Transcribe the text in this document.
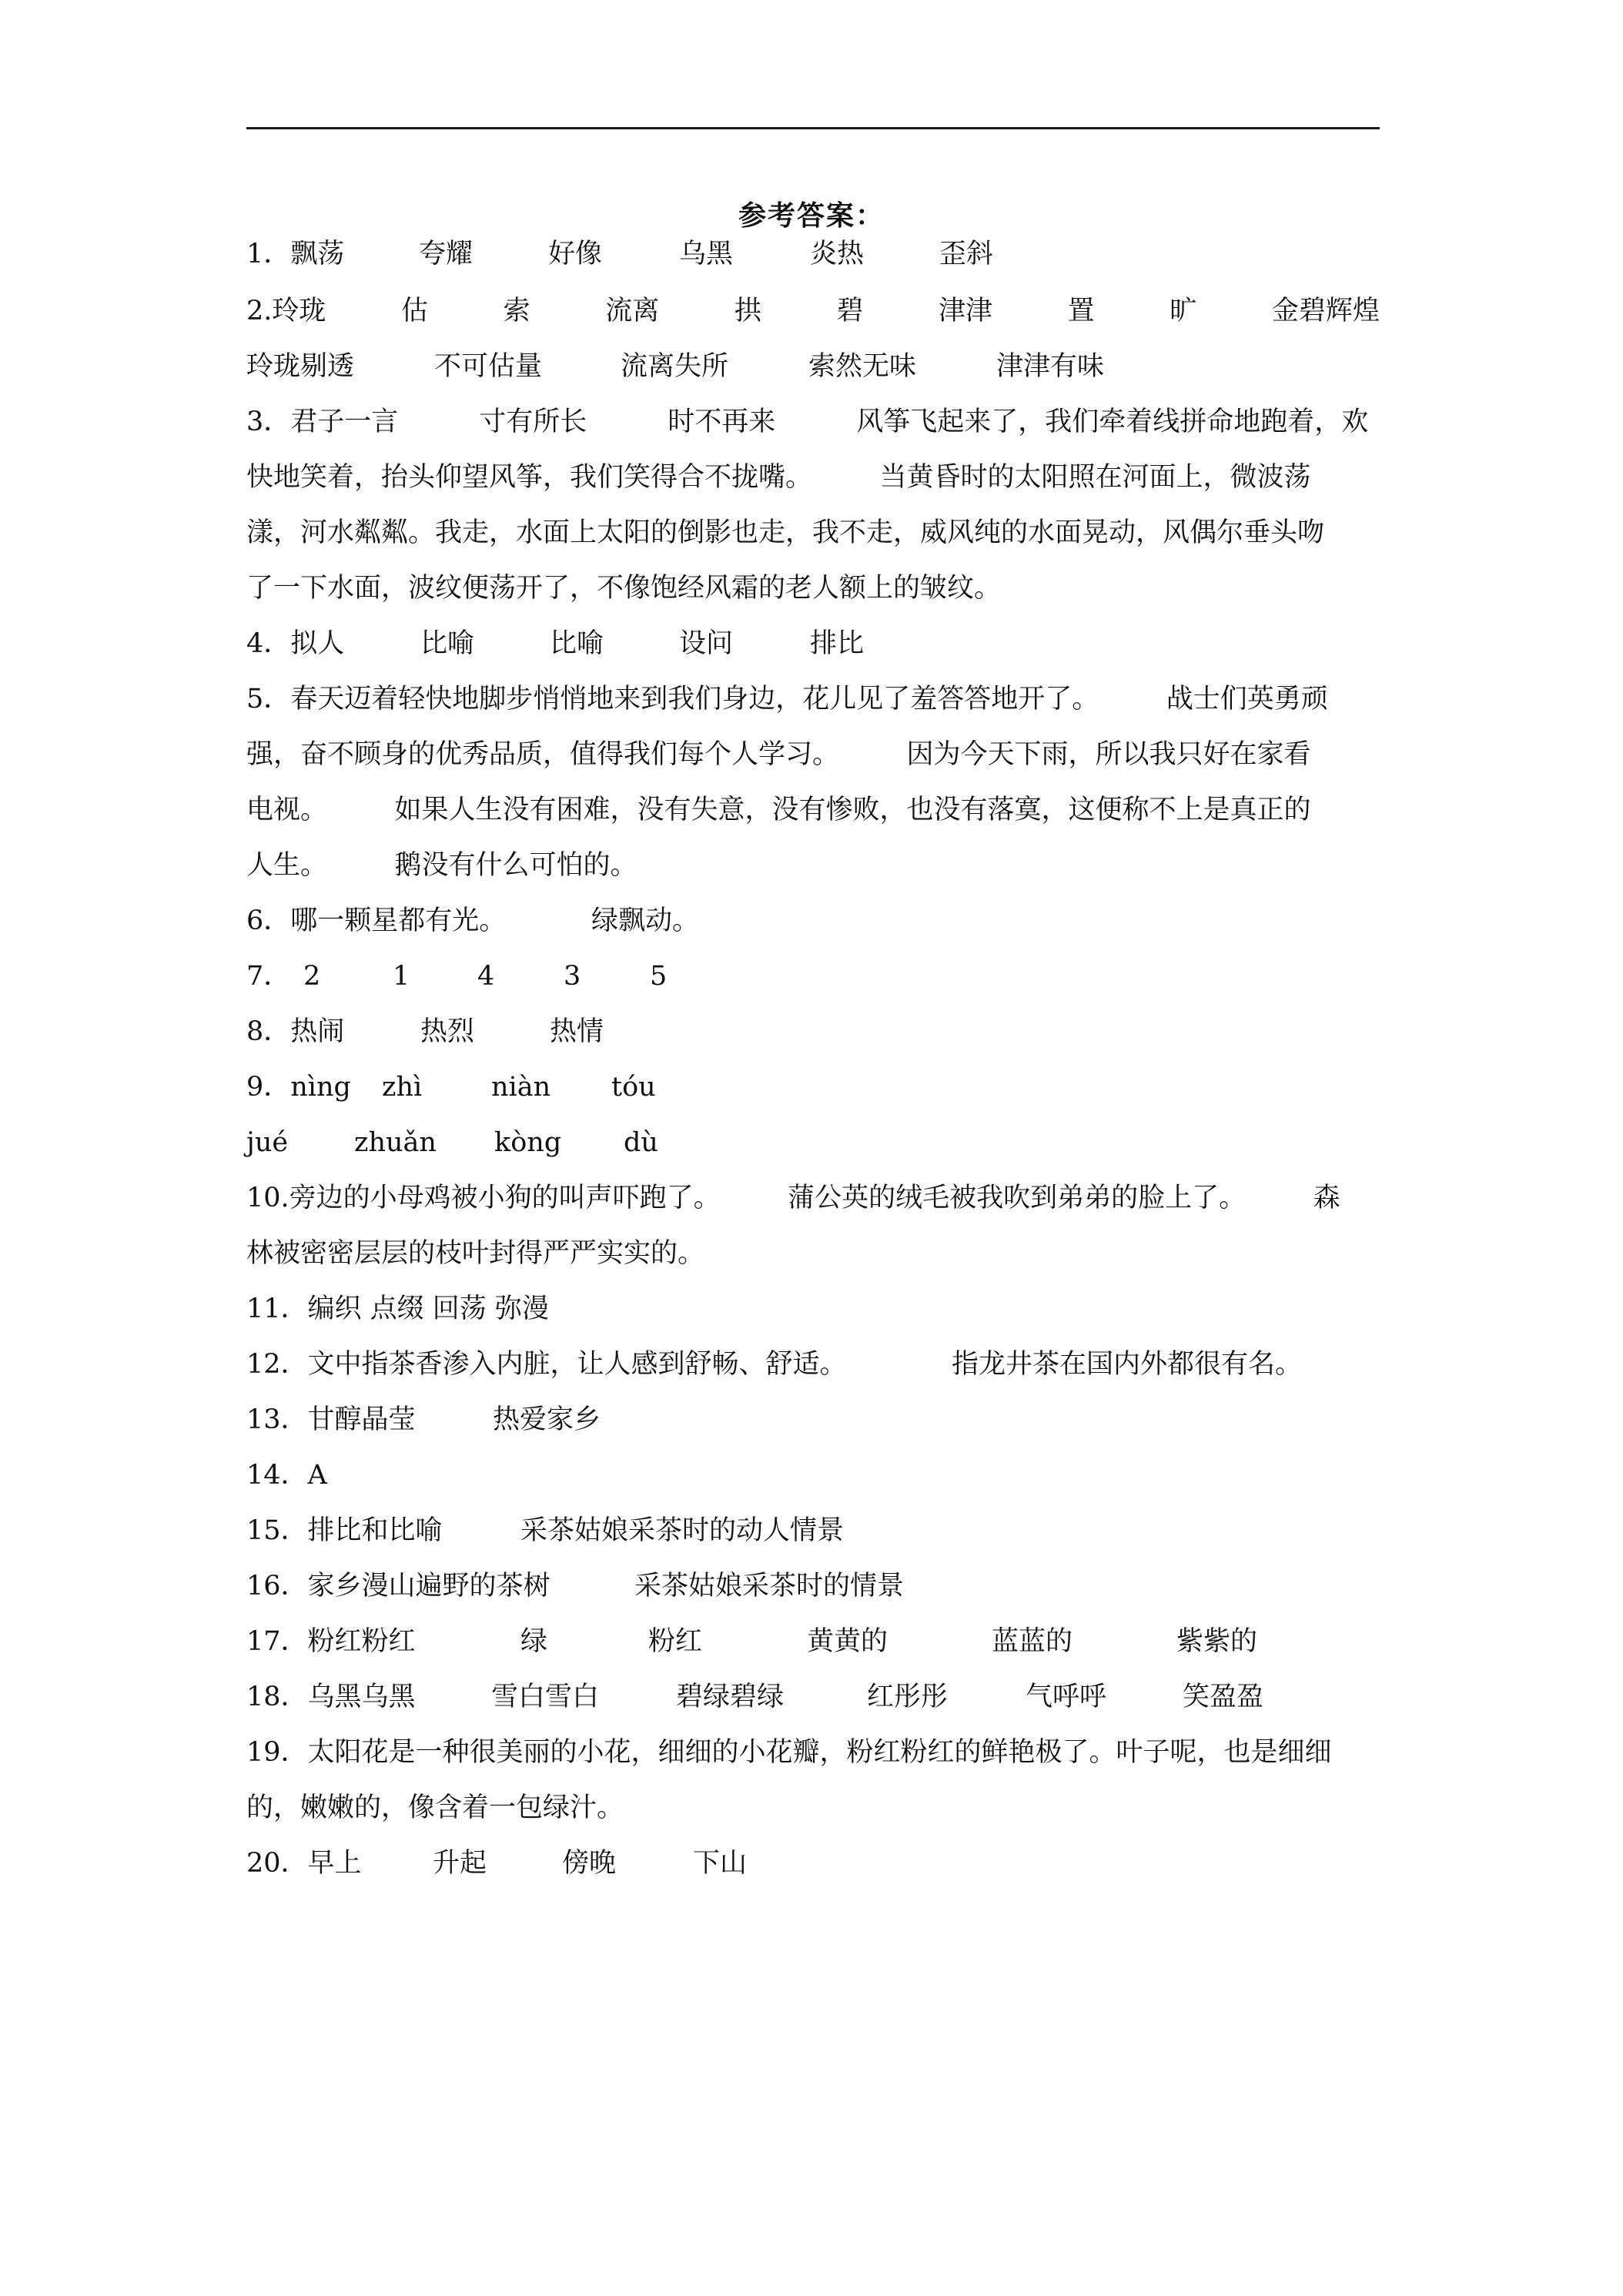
参考答案：
1．飘荡	夸耀	好像	乌黑	炎热	歪斜
2.玲珑	估	索	流离	拱	碧	津津	置	旷	金碧辉煌
玲珑剔透	不可估量	流离失所	索然无味	津津有味
3．君子一言　　　寸有所长　　　时不再来　　　风筝飞起来了，我们牵着线拼命地跑着，欢
快地笑着，抬头仰望风筝，我们笑得合不拢嘴。　　　当黄昏时的太阳照在河面上，微波荡
漾，河水粼粼。我走，水面上太阳的倒影也走，我不走，威风纯的水面晃动，风偶尔垂头吻
了一下水面，波纹便荡开了，不像饱经风霜的老人额上的皱纹。
4．拟人	比喻	比喻	设问	排比
5．春天迈着轻快地脚步悄悄地来到我们身边，花儿见了羞答答地开了。　　　战士们英勇顽
强，奋不顾身的优秀品质，值得我们每个人学习。　　　因为今天下雨，所以我只好在家看
电视。　　　如果人生没有困难，没有失意，没有惨败，也没有落寞，这便称不上是真正的
人生。　　　鹅没有什么可怕的。
6．哪一颗星都有光。	绿飘动。
7． 2	1	4	3	5
8．热闹	热烈	热情
9．nìng zhì	niàn tóu
jué zhuǎn kòng dù
10.旁边的小母鸡被小狗的叫声吓跑了。　　　蒲公英的绒毛被我吹到弟弟的脸上了。　　　森
林被密密层层的枝叶封得严严实实的。
11．编织 点缀 回荡 弥漫
12．文中指茶香渗入内脏，让人感到舒畅、舒适。	指龙井茶在国内外都很有名。
13．甘醇晶莹	热爱家乡
14．A
15．排比和比喻	采茶姑娘采茶时的动人情景
16．家乡漫山遍野的茶树	采茶姑娘采茶时的情景
17．粉红粉红	绿	粉红	黄黄的	蓝蓝的	紫紫的
18．乌黑乌黑	雪白雪白	碧绿碧绿	红彤彤	气呼呼	笑盈盈
19．太阳花是一种很美丽的小花，细细的小花瓣，粉红粉红的鲜艳极了。叶子呢，也是细细
的，嫩嫩的，像含着一包绿汁。
20．早上	升起	傍晚	下山
